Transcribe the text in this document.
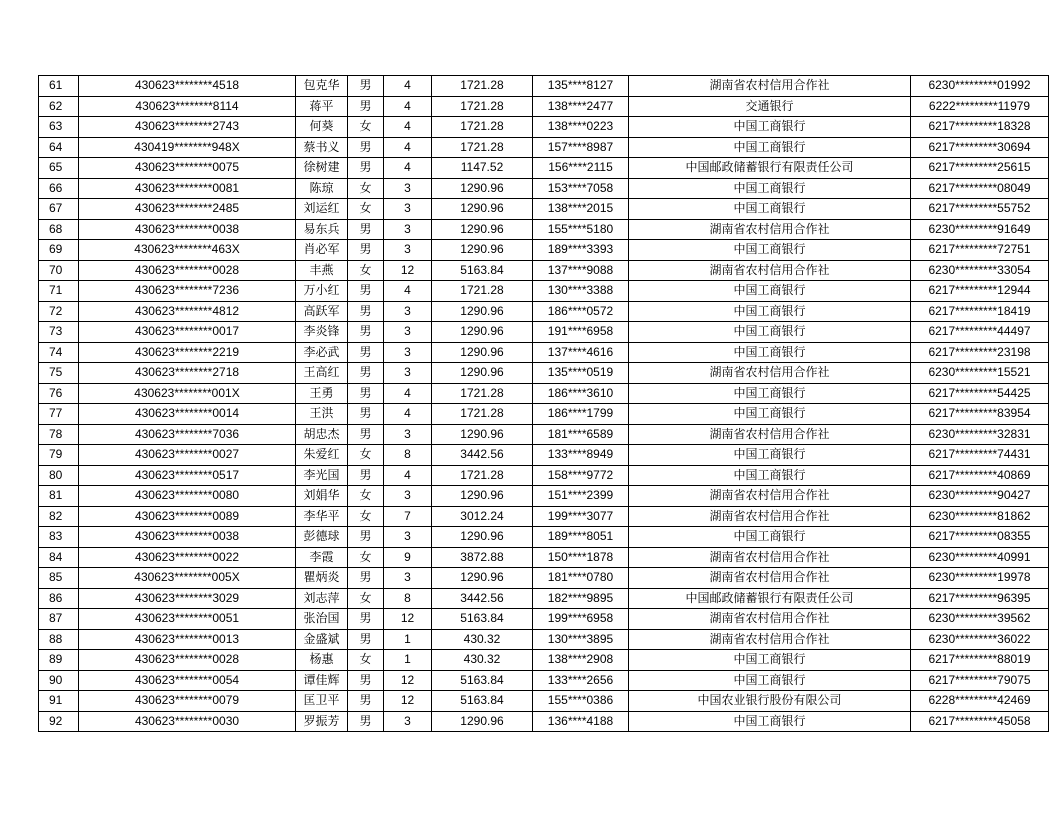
61	430623********4518	包克华	男	4	1721.28	135****8127	湖南省农村信用合作社	6230*********01992
62	430623********8114	蒋平	男	4	1721.28	138****2477	交通银行	6222*********11979
63	430623********2743	何葵	女	4	1721.28	138****0223	中国工商银行	6217*********18328
64	430419********948X	蔡书义	男	4	1721.28	157****8987	中国工商银行	6217*********30694
65	430623********0075	徐树建	男	4	1147.52	156****2115	中国邮政储蓄银行有限责任公司	6217*********25615
66	430623********0081	陈琼	女	3	1290.96	153****7058	中国工商银行	6217*********08049
67	430623********2485	刘运红	女	3	1290.96	138****2015	中国工商银行	6217*********55752
68	430623********0038	易东兵	男	3	1290.96	155****5180	湖南省农村信用合作社	6230*********91649
69	430623********463X	肖必军	男	3	1290.96	189****3393	中国工商银行	6217*********72751
70	430623********0028	丰燕	女	12	5163.84	137****9088	湖南省农村信用合作社	6230*********33054
71	430623********7236	万小红	男	4	1721.28	130****3388	中国工商银行	6217*********12944
72	430623********4812	高跃军	男	3	1290.96	186****0572	中国工商银行	6217*********18419
73	430623********0017	李炎锋	男	3	1290.96	191****6958	中国工商银行	6217*********44497
74	430623********2219	李必武	男	3	1290.96	137****4616	中国工商银行	6217*********23198
75	430623********2718	王高红	男	3	1290.96	135****0519	湖南省农村信用合作社	6230*********15521
76	430623********001X	王勇	男	4	1721.28	186****3610	中国工商银行	6217*********54425
77	430623********0014	王洪	男	4	1721.28	186****1799	中国工商银行	6217*********83954
78	430623********7036	胡忠杰	男	3	1290.96	181****6589	湖南省农村信用合作社	6230*********32831
79	430623********0027	朱爱红	女	8	3442.56	133****8949	中国工商银行	6217*********74431
80	430623********0517	李光国	男	4	1721.28	158****9772	中国工商银行	6217*********40869
81	430623********0080	刘娟华	女	3	1290.96	151****2399	湖南省农村信用合作社	6230*********90427
82	430623********0089	李华平	女	7	3012.24	199****3077	湖南省农村信用合作社	6230*********81862
83	430623********0038	彭德球	男	3	1290.96	189****8051	中国工商银行	6217*********08355
84	430623********0022	李霞	女	9	3872.88	150****1878	湖南省农村信用合作社	6230*********40991
85	430623********005X	瞿炳炎	男	3	1290.96	181****0780	湖南省农村信用合作社	6230*********19978
86	430623********3029	刘志萍	女	8	3442.56	182****9895	中国邮政储蓄银行有限责任公司	6217*********96395
87	430623********0051	张治国	男	12	5163.84	199****6958	湖南省农村信用合作社	6230*********39562
88	430623********0013	金盛斌	男	1	430.32	130****3895	湖南省农村信用合作社	6230*********36022
89	430623********0028	杨惠	女	1	430.32	138****2908	中国工商银行	6217*********88019
90	430623********0054	谭佳辉	男	12	5163.84	133****2656	中国工商银行	6217*********79075
91	430623********0079	匡卫平	男	12	5163.84	155****0386	中国农业银行股份有限公司	6228*********42469
92	430623********0030	罗振芳	男	3	1290.96	136****4188	中国工商银行	6217*********45058
